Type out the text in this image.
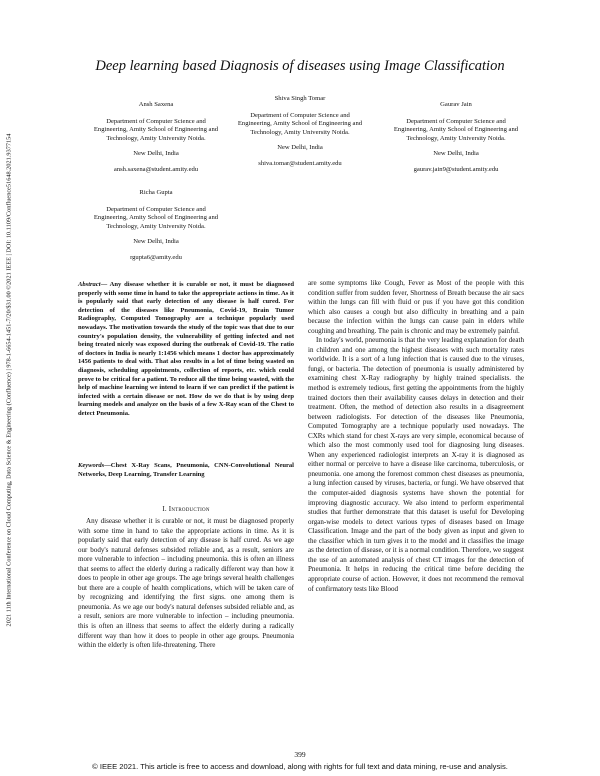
2021 11th International Conference on Cloud Computing, Data Science & Engineering (Confluence) | 978-1-6654-1451-7/20/$31.00 ©2021 IEEE | DOI: 10.1109/Confluence51648.2021.9377154
Deep learning based Diagnosis of diseases using Image Classification
Ansh Saxena
Department of Computer Science and Engineering, Amity School of Engineering and Technology, Amity University Noida.
New Delhi, India
ansh.saxena@student.amity.edu
Shiva Singh Tomar
Department of Computer Science and Engineering, Amity School of Engineering and Technology, Amity University Noida.
New Delhi, India
shiva.tomar@student.amity.edu
Gaurav Jain
Department of Computer Science and Engineering, Amity School of Engineering and Technology, Amity University Noida.
New Delhi, India
gaurav.jain9@student.amity.edu
Richa Gupta
Department of Computer Science and Engineering, Amity School of Engineering and Technology, Amity University Noida.
New Delhi, India
rgupta6@amity.edu
Abstract— Any disease whether it is curable or not, it must be diagnosed properly with some time in hand to take the appropriate actions in time. As it is popularly said that early detection of any disease is half cured. For detection of the diseases like Pneumonia, Covid-19, Brain Tumor Radiography, Computed Tomography are a technique popularly used nowadays. The motivation towards the study of the topic was that due to our country's population density, the vulnerability of getting infected and not being treated nicely was exposed during the outbreak of Covid-19. The ratio of doctors in India is nearly 1:1456 which means 1 doctor has approximately 1456 patients to deal with. That also results in a lot of time being wasted on diagnosis, scheduling appointments, collection of reports, etc. which could prove to be critical for a patient. To reduce all the time being wasted, with the help of machine learning we intend to learn if we can predict if the patient is infected with a certain disease or not. How do we do that is by using deep learning models and analyze on the basis of a few X-Ray scan of the Chest to detect Pneumonia.
Keywords—Chest X-Ray Scans, Pneumonia, CNN-Convolutional Neural Networks, Deep Learning, Transfer Learning
I. Introduction
Any disease whether it is curable or not, it must be diagnosed properly with some time in hand to take the appropriate actions in time. As it is popularly said that early detection of any disease is half cured. As we age our body's natural defenses subsided reliable and, as a result, seniors are more vulnerable to infection – including pneumonia. this is often an illness that seems to affect the elderly during a radically different way than how it does to people in other age groups. The age brings several health challenges but there are a couple of health complications, which will be taken care of by recognizing and identifying the first signs. one among them is pneumonia. As we age our body's natural defenses subsided reliable and, as a result, seniors are more vulnerable to infection – including pneumonia. this is often an illness that seems to affect the elderly during a radically different way than how it does to people in other age groups. Pneumonia within the elderly is often life-threatening. There

are some symptoms like Cough, Fever as Most of the people with this condition suffer from sudden fever, Shortness of Breath because the air sacs within the lungs can fill with fluid or pus if you have got this condition which also causes a cough but also difficulty in breathing and a pain because the infection within the lungs can cause pain in elders while coughing and breathing. The pain is chronic and may be extremely painful.

In today's world, pneumonia is that the very leading explanation for death in children and one among the highest diseases with such mortality rates worldwide. It is a sort of a lung infection that is caused due to the viruses, fungi, or bacteria. The detection of pneumonia is usually administered by examining chest X-Ray radiography by highly trained specialists. the method is extremely tedious, first getting the appointments from the highly trained doctors then their availability causes delays in detection and their treatment. Often, the method of detection also results in a disagreement between radiologists. For detection of the diseases like Pneumonia, Computed Tomography are a technique popularly used nowadays. The CXRs which stand for chest X-rays are very simple, economical because of which also the most commonly used tool for diagnosing lung diseases. When any experienced radiologist interprets an X-ray it is diagnosed as either normal or perceive to have a disease like carcinoma, tuberculosis, or pneumonia. one among the foremost common chest diseases as pneumonia, a lung infection caused by viruses, bacteria, or fungi. We have observed that the computer-aided diagnosis systems have shown the potential for improving diagnostic accuracy. We also intend to perform experimental studies that further demonstrate that this dataset is useful for Developing organ-wise models to detect various types of diseases based on Image Classification. Image and the part of the body given as input and given to the classifier which in turn gives it to the model and it classifies the image as the detection of disease, or it is a normal condition. Therefore, we suggest the use of an automated analysis of chest CT images for the detection of Pneumonia. It helps in reducing the critical time before deciding the appropriate course of action. However, it does not recommend the removal of confirmatory tests like Blood

399
© IEEE 2021. This article is free to access and download, along with rights for full text and data mining, re-use and analysis.
